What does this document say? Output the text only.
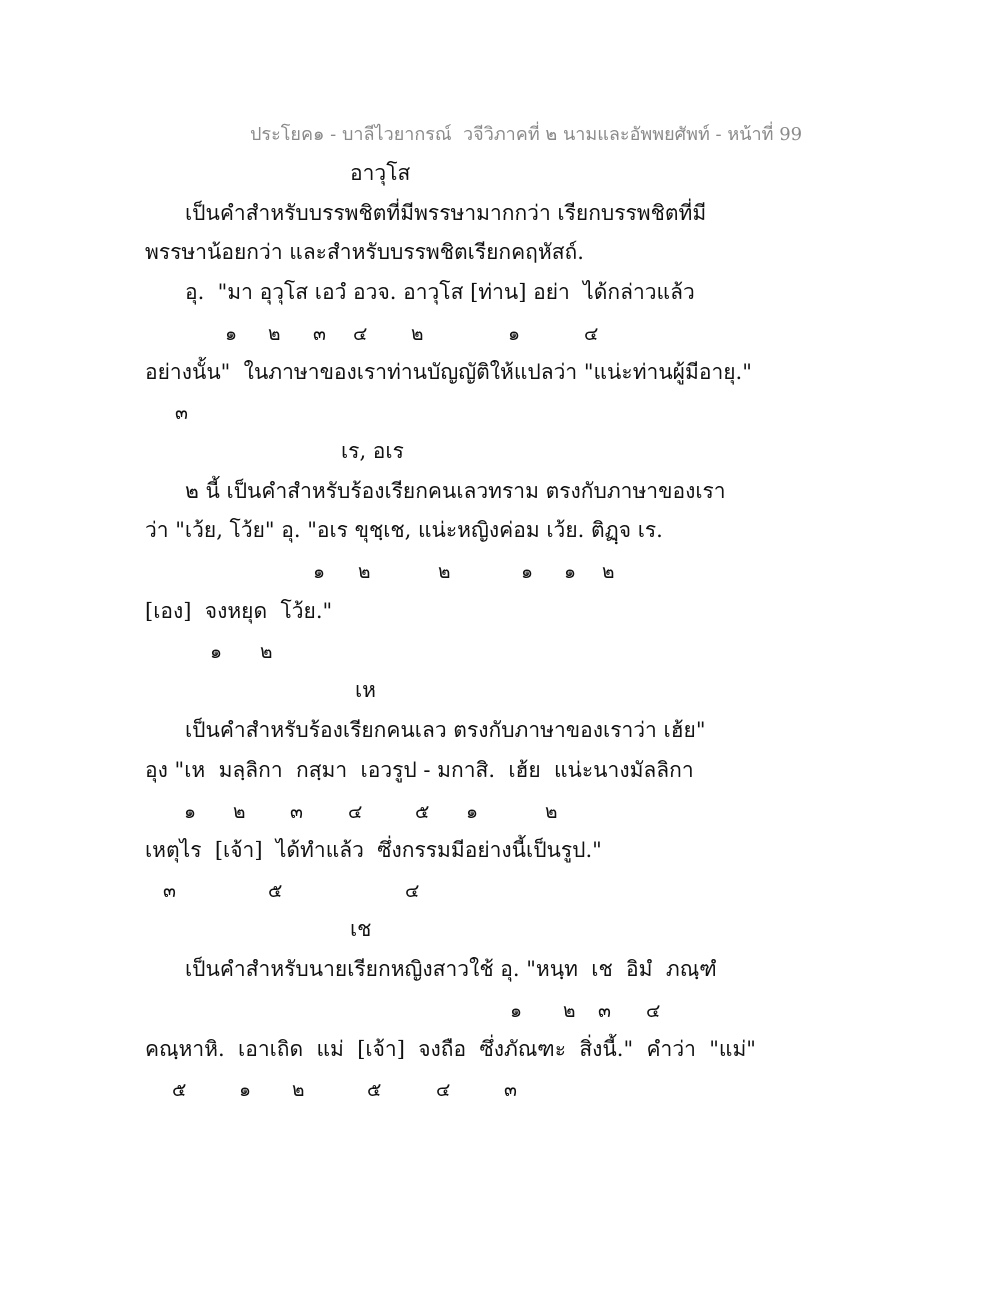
ประโยค๑ - บาลีไวยากรณ์  วจีวิภาคที่ ๒ นามและอัพพยศัพท์ - หน้าที่ 99
อาวุโส
เป็นคำสำหรับบรรพชิตที่มีพรรษามากกว่า เรียกบรรพชิตที่มี
พรรษาน้อยกว่า และสำหรับบรรพชิตเรียกคฤหัสถ์.
อุ.  "มา อุวุโส เอวํ อวจ. อาวุโส [ท่าน] อย่า  ได้กล่าวแล้ว
๑ ๒ ๓ ๔ ๒	๑	๔
อย่างนั้น"  ในภาษาของเราท่านบัญญัติให้แปลว่า "แน่ะท่านผู้มีอายุ."
๓
เร, อเร
๒ นี้ เป็นคำสำหรับร้องเรียกคนเลวทราม ตรงกับภาษาของเรา
ว่า "เว้ย, โว้ย" อุ. "อเร ขุชฺเช, แน่ะหญิงค่อม เว้ย. ติฏฺจ เร.
๑ ๒	๒	๑ ๑ ๒
[เอง]  จงหยุด  โว้ย."
๑ ๒
เห
เป็นคำสำหรับร้องเรียกคนเลว ตรงกับภาษาของเราว่า เฮ้ย"
อุง "เห  มลฺลิกา  กสฺมา  เอวรูป - มกาสิ.  เฮ้ย  แน่ะนางมัลลิกา
๑ ๒ ๓ ๔	๕ ๑	๒
เหตุไร  [เจ้า]  ได้ทำแล้ว  ซึ่งกรรมมีอย่างนี้เป็นรูป."
๓	๕	๔
เช
เป็นคำสำหรับนายเรียกหญิงสาวใช้ อุ. "หนฺท  เช  อิมํ  ภณฺฑํ
๑ ๒ ๓ ๔
คณฺหาหิ.  เอาเถิด  แม่  [เจ้า]  จงถือ  ซึ่งภัณฑะ  สิ่งนี้."  คำว่า  "แม่"
๕	๑ ๒	๕	๔	๓
